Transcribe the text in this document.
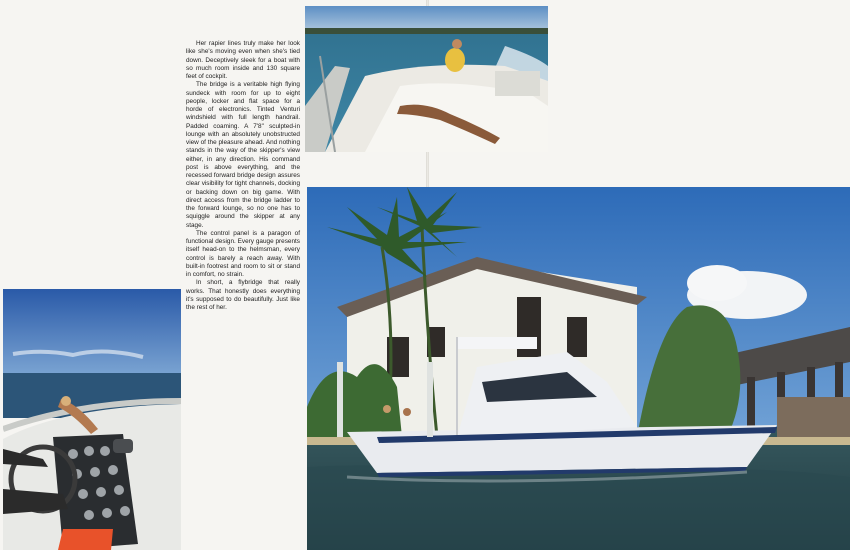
Her rapier lines truly make her look like she's moving even when she's tied down. Deceptively sleek for a boat with so much room inside and 130 square feet of cockpit.

The bridge is a veritable high flying sundeck with room for up to eight people, locker and flat space for a horde of electronics. Tinted Venturi windshield with full length handrail. Padded coaming. A 7'8" sculpted-in lounge with an absolutely unobstructed view of the pleasure ahead. And nothing stands in the way of the skipper's view either, in any direction. His command post is above everything, and the recessed forward bridge design assures clear visibility for tight channels, docking or backing down on big game. With direct access from the bridge ladder to the forward lounge, so no one has to squiggle around the skipper at any stage.

The control panel is a paragon of functional design. Every gauge presents itself head-on to the helmsman, every control is barely a reach away. With built-in footrest and room to sit or stand in comfort, no strain.

In short, a flybridge that really works. That honestly does everything it's supposed to do beautifully. Just like the rest of her.
